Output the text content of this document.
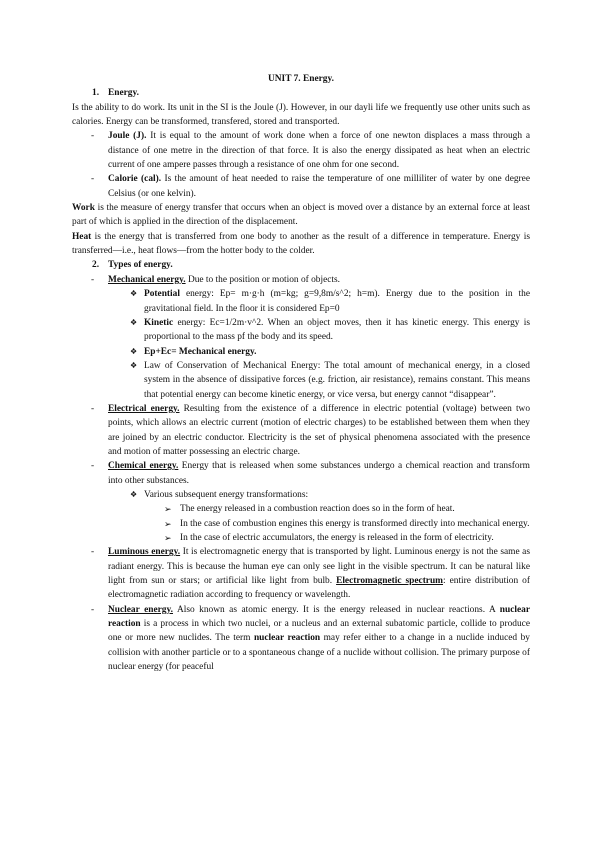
UNIT 7. Energy.

1. Energy.

Is the ability to do work. Its unit in the SI is the Joule (J). However, in our dayli life we frequently use other units such as calories. Energy can be transformed, transfered, stored and transported.

- Joule (J). It is equal to the amount of work done when a force of one newton displaces a mass through a distance of one metre in the direction of that force. It is also the energy dissipated as heat when an electric current of one ampere passes through a resistance of one ohm for one second.

- Calorie (cal). Is the amount of heat needed to raise the temperature of one milliliter of water by one degree Celsius (or one kelvin).

Work is the measure of energy transfer that occurs when an object is moved over a distance by an external force at least part of which is applied in the direction of the displacement.

Heat is the energy that is transferred from one body to another as the result of a difference in temperature. Energy is transferred—i.e., heat flows—from the hotter body to the colder.

2. Types of energy.

- Mechanical energy. Due to the position or motion of objects.

❖ Potential energy: Ep= m·g·h (m=kg; g=9,8m/s^2; h=m). Energy due to the position in the gravitational field. In the floor it is considered Ep=0

❖ Kinetic energy: Ec=1/2m·v^2. When an object moves, then it has kinetic energy. This energy is proportional to the mass pf the body and its speed.

❖ Ep+Ec= Mechanical energy.

❖ Law of Conservation of Mechanical Energy: The total amount of mechanical energy, in a closed system in the absence of dissipative forces (e.g. friction, air resistance), remains constant. This means that potential energy can become kinetic energy, or vice versa, but energy cannot “disappear”.

- Electrical energy. Resulting from the existence of a difference in electric potential (voltage) between two points, which allows an electric current (motion of electric charges) to be established between them when they are joined by an electric conductor. Electricity is the set of physical phenomena associated with the presence and motion of matter possessing an electric charge.

- Chemical energy. Energy that is released when some substances undergo a chemical reaction and transform into other substances.

❖ Various subsequent energy transformations:

➢ The energy released in a combustion reaction does so in the form of heat.

➢ In the case of combustion engines this energy is transformed directly into mechanical energy.

➢ In the case of electric accumulators, the energy is released in the form of electricity.

- Luminous energy. It is electromagnetic energy that is transported by light. Luminous energy is not the same as radiant energy. This is because the human eye can only see light in the visible spectrum. It can be natural like light from sun or stars; or artificial like light from bulb. Electromagnetic spectrum: entire distribution of electromagnetic radiation according to frequency or wavelength.

- Nuclear energy. Also known as atomic energy. It is the energy released in nuclear reactions. A nuclear reaction is a process in which two nuclei, or a nucleus and an external subatomic particle, collide to produce one or more new nuclides. The term nuclear reaction may refer either to a change in a nuclide induced by collision with another particle or to a spontaneous change of a nuclide without collision. The primary purpose of nuclear energy (for peaceful
